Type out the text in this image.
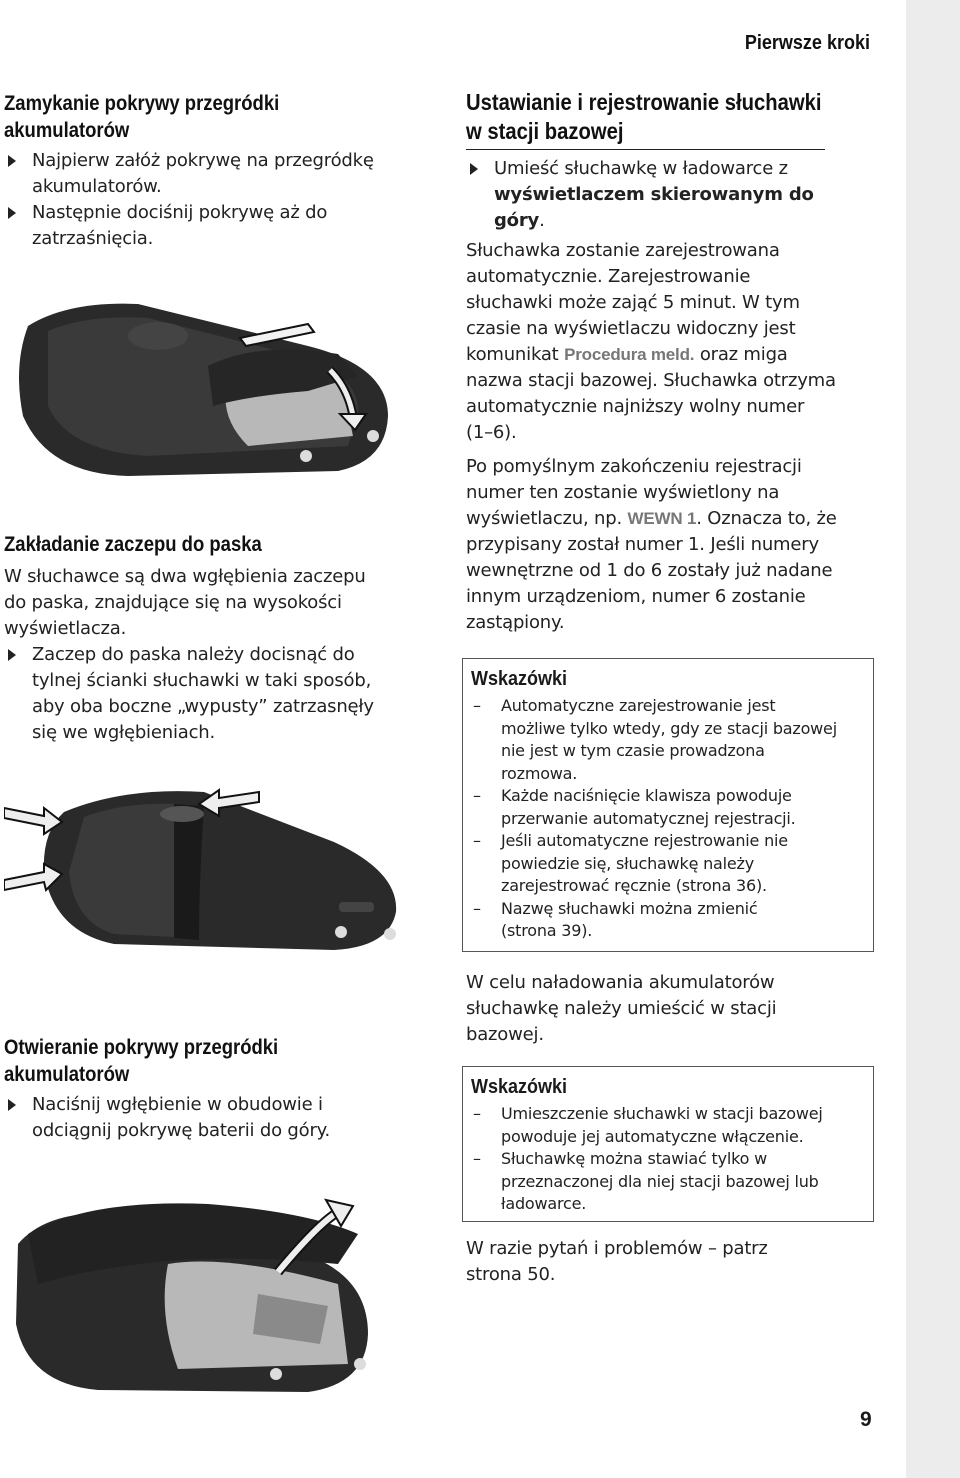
Pierwsze kroki
Zamykanie pokrywy przegródki
akumulatorów
Najpierw załóż pokrywę na przegródkę
akumulatorów.
Następnie dociśnij pokrywę aż do
zatrzaśnięcia.
Zakładanie zaczepu do paska
W słuchawce są dwa wgłębienia zaczepu
do paska, znajdujące się na wysokości
wyświetlacza.
Zaczep do paska należy docisnąć do
tylnej ścianki słuchawki w taki sposób,
aby oba boczne „wypusty” zatrzasnęły
się we wgłębieniach.
Otwieranie pokrywy przegródki
akumulatorów
Naciśnij wgłębienie w obudowie i
odciągnij pokrywę baterii do góry.
Ustawianie i rejestrowanie słuchawki
w stacji bazowej
Umieść słuchawkę w ładowarce z
wyświetlaczem skierowanym do
góry.
Słuchawka zostanie zarejestrowana
automatycznie. Zarejestrowanie
słuchawki może zająć 5 minut. W tym
czasie na wyświetlaczu widoczny jest
komunikat Procedura meld. oraz miga
nazwa stacji bazowej. Słuchawka otrzyma
automatycznie najniższy wolny numer
(1–6).
Po pomyślnym zakończeniu rejestracji
numer ten zostanie wyświetlony na
wyświetlaczu, np. WEWN 1. Oznacza to, że
przypisany został numer 1. Jeśli numery
wewnętrzne od 1 do 6 zostały już nadane
innym urządzeniom, numer 6 zostanie
zastąpiony.
Wskazówki
– Automatyczne zarejestrowanie jest
możliwe tylko wtedy, gdy ze stacji bazowej
nie jest w tym czasie prowadzona
rozmowa.
– Każde naciśnięcie klawisza powoduje
przerwanie automatycznej rejestracji.
– Jeśli automatyczne rejestrowanie nie
powiedzie się, słuchawkę należy
zarejestrować ręcznie (strona 36).
– Nazwę słuchawki można zmienić
(strona 39).
W celu naładowania akumulatorów
słuchawkę należy umieścić w stacji
bazowej.
Wskazówki
– Umieszczenie słuchawki w stacji bazowej
powoduje jej automatyczne włączenie.
– Słuchawkę można stawiać tylko w
przeznaczonej dla niej stacji bazowej lub
ładowarce.
W razie pytań i problemów – patrz
strona 50.
9
